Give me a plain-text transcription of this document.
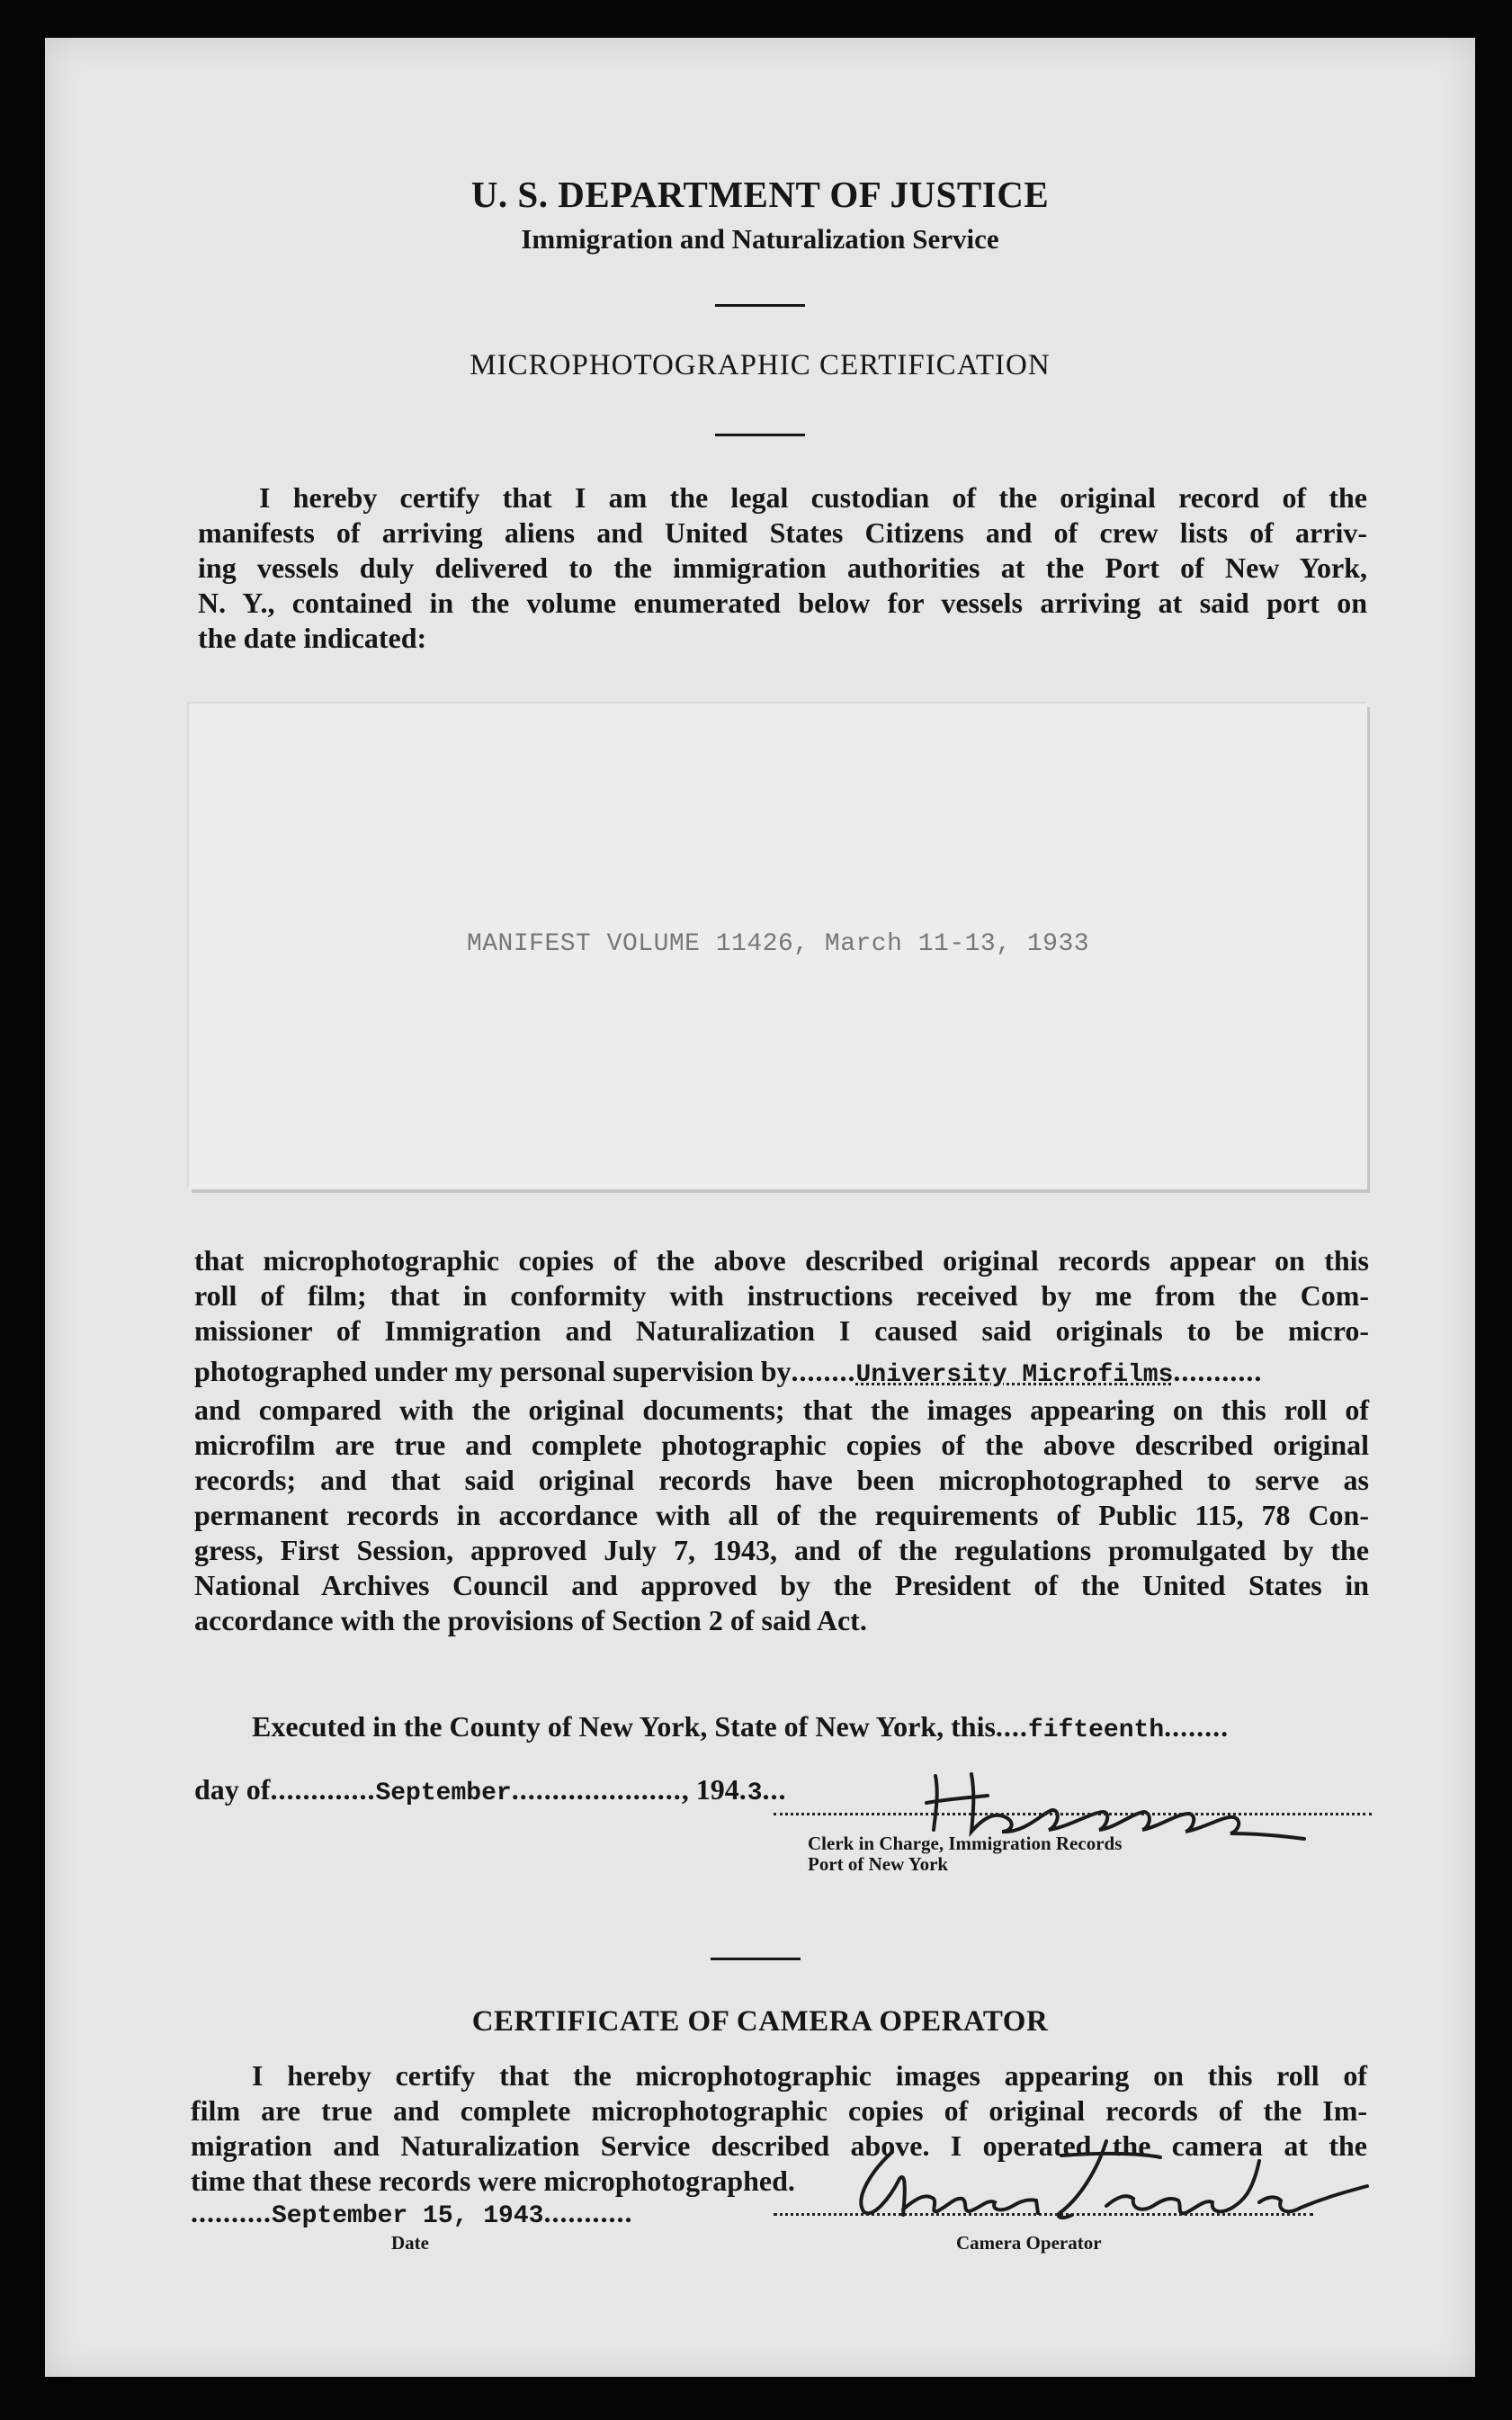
U. S. DEPARTMENT OF JUSTICE
Immigration and Naturalization Service
MICROPHOTOGRAPHIC CERTIFICATION
I hereby certify that I am the legal custodian of the original record of the
manifests of arriving aliens and United States Citizens and of crew lists of arriv-
ing vessels duly delivered to the immigration authorities at the Port of New York,
N. Y., contained in the volume enumerated below for vessels arriving at said port on
the date indicated:
MANIFEST VOLUME 11426, March 11-13, 1933
that microphotographic copies of the above described original records appear on this
roll of film; that in conformity with instructions received by me from the Com-
missioner of Immigration and Naturalization I caused said originals to be micro-
photographed under my personal supervision by ........ University Microfilms ...........
and compared with the original documents; that the images appearing on this roll of
microfilm are true and complete photographic copies of the above described original
records; and that said original records have been microphotographed to serve as
permanent records in accordance with all of the requirements of Public 115, 78 Con-
gress, First Session, approved July 7, 1943, and of the regulations promulgated by the
National Archives Council and approved by the President of the United States in
accordance with the provisions of Section 2 of said Act.
Executed in the County of New York, State of New York, this .... fifteenth ........
day of ............. September ..................... , 194 . 3 ...
Clerk in Charge, Immigration Records
Port of New York
CERTIFICATE OF CAMERA OPERATOR
I hereby certify that the microphotographic images appearing on this roll of
film are true and complete microphotographic copies of original records of the Im-
migration and Naturalization Service described above. I operated the camera at the
time that these records were microphotographed.
.......... September 15, 1943 ...........
Date	Camera Operator
